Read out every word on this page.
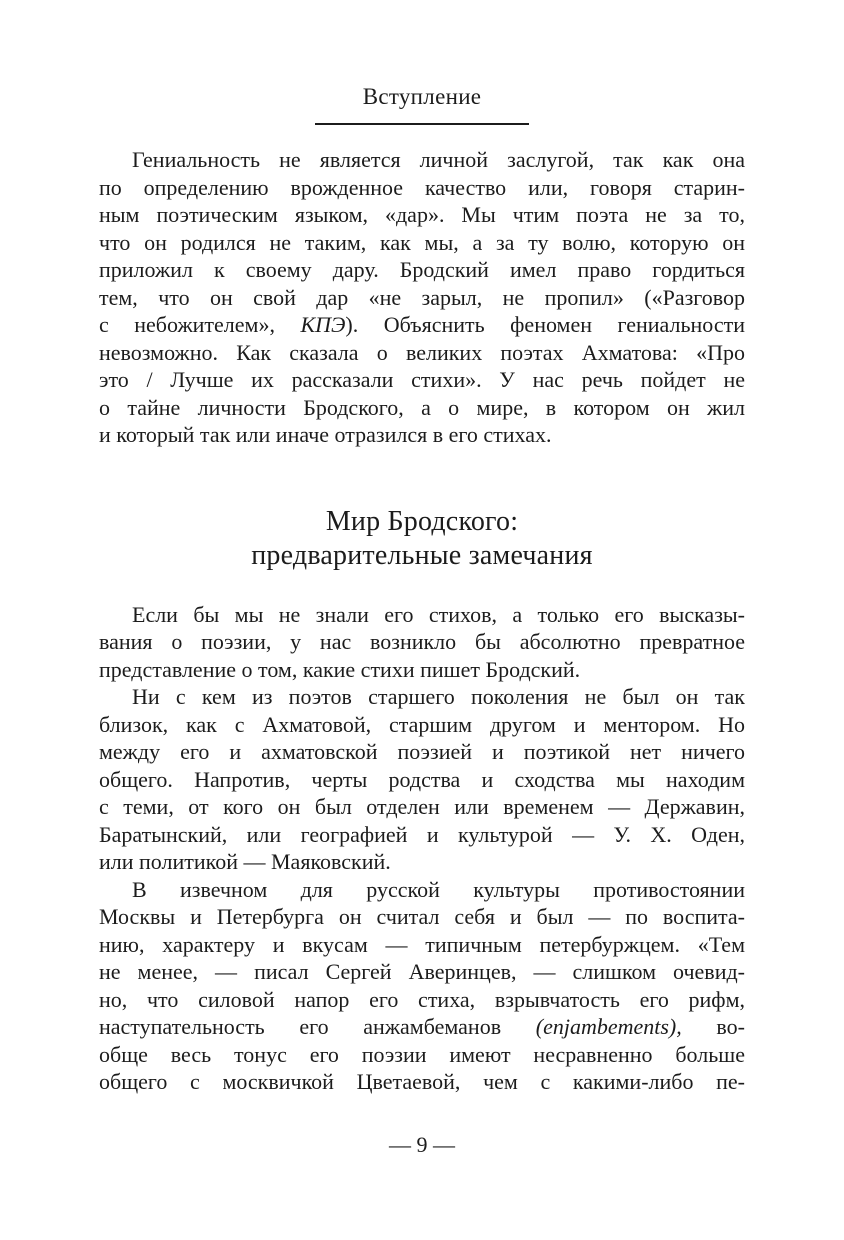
Вступление
Гениальность не является личной заслугой, так как она
по определению врожденное качество или, говоря старин-
ным поэтическим языком, «дар». Мы чтим поэта не за то,
что он родился не таким, как мы, а за ту волю, которую он
приложил к своему дару. Бродский имел право гордиться
тем, что он свой дар «не зарыл, не пропил» («Разговор
с небожителем», КПЭ). Объяснить феномен гениальности
невозможно. Как сказала о великих поэтах Ахматова: «Про
это / Лучше их рассказали стихи». У нас речь пойдет не
о тайне личности Бродского, а о мире, в котором он жил
и который так или иначе отразился в его стихах.
Мир Бродского:
предварительные замечания
Если бы мы не знали его стихов, а только его высказы-
вания о поэзии, у нас возникло бы абсолютно превратное
представление о том, какие стихи пишет Бродский.
Ни с кем из поэтов старшего поколения не был он так
близок, как с Ахматовой, старшим другом и ментором. Но
между его и ахматовской поэзией и поэтикой нет ничего
общего. Напротив, черты родства и сходства мы находим
с теми, от кого он был отделен или временем — Державин,
Баратынский, или географией и культурой — У. Х. Оден,
или политикой — Маяковский.
В извечном для русской культуры противостоянии
Москвы и Петербурга он считал себя и был — по воспита-
нию, характеру и вкусам — типичным петербуржцем. «Тем
не менее, — писал Сергей Аверинцев, — слишком очевид-
но, что силовой напор его стиха, взрывчатость его рифм,
наступательность его анжамбеманов (enjambements), во-
обще весь тонус его поэзии имеют несравненно больше
общего с москвичкой Цветаевой, чем с какими-либо пе-
— 9 —
